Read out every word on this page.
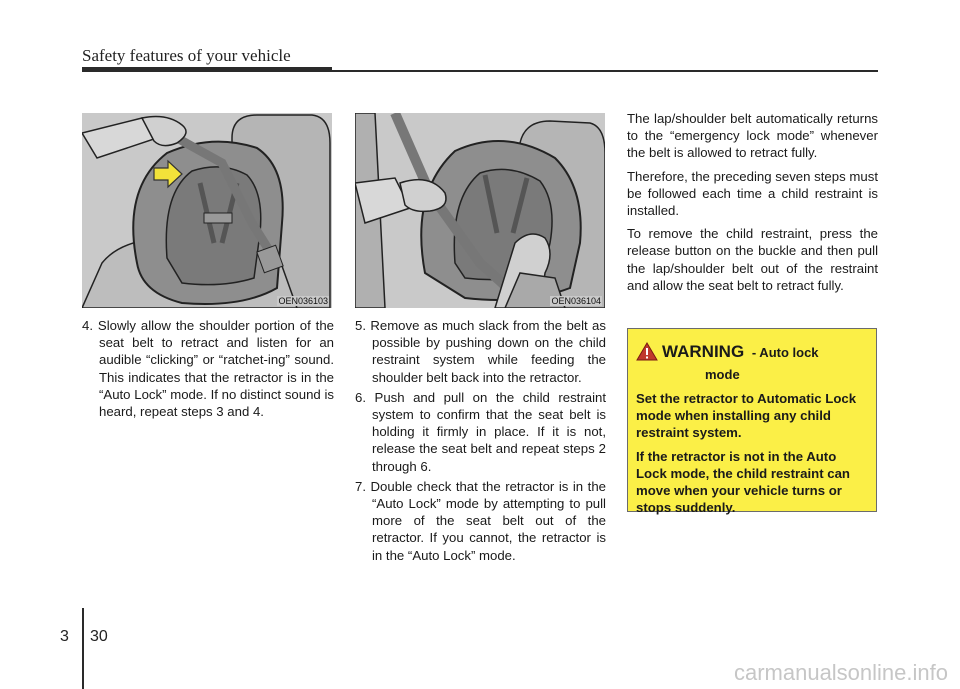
Safety features of your vehicle
OEN036103	OEN036104

4. Slowly allow the shoulder portion of the seat belt to retract and listen for an audible “clicking” or “ratchet-ing” sound. This indicates that the retractor is in the “Auto Lock” mode. If no distinct sound is heard, repeat steps 3 and 4.

5. Remove as much slack from the belt as possible by pushing down on the child restraint system while feeding the shoulder belt back into the retractor.

6. Push and pull on the child restraint system to confirm that the seat belt is holding it firmly in place. If it is not, release the seat belt and repeat steps 2 through 6.

7. Double check that the retractor is in the “Auto Lock” mode by attempting to pull more of the seat belt out of the retractor. If you cannot, the retractor is in the “Auto Lock” mode.

The lap/shoulder belt automatically returns to the “emergency lock mode” whenever the belt is allowed to retract fully.

Therefore, the preceding seven steps must be followed each time a child restraint is installed.

To remove the child restraint, press the release button on the buckle and then pull the lap/shoulder belt out of the restraint and allow the seat belt to retract fully.

WARNING - Auto lock
mode

Set the retractor to Automatic Lock mode when installing any child restraint system.

If the retractor is not in the Auto Lock mode, the child restraint can move when your vehicle turns or stops suddenly.

3 30
carmanualsonline.info
